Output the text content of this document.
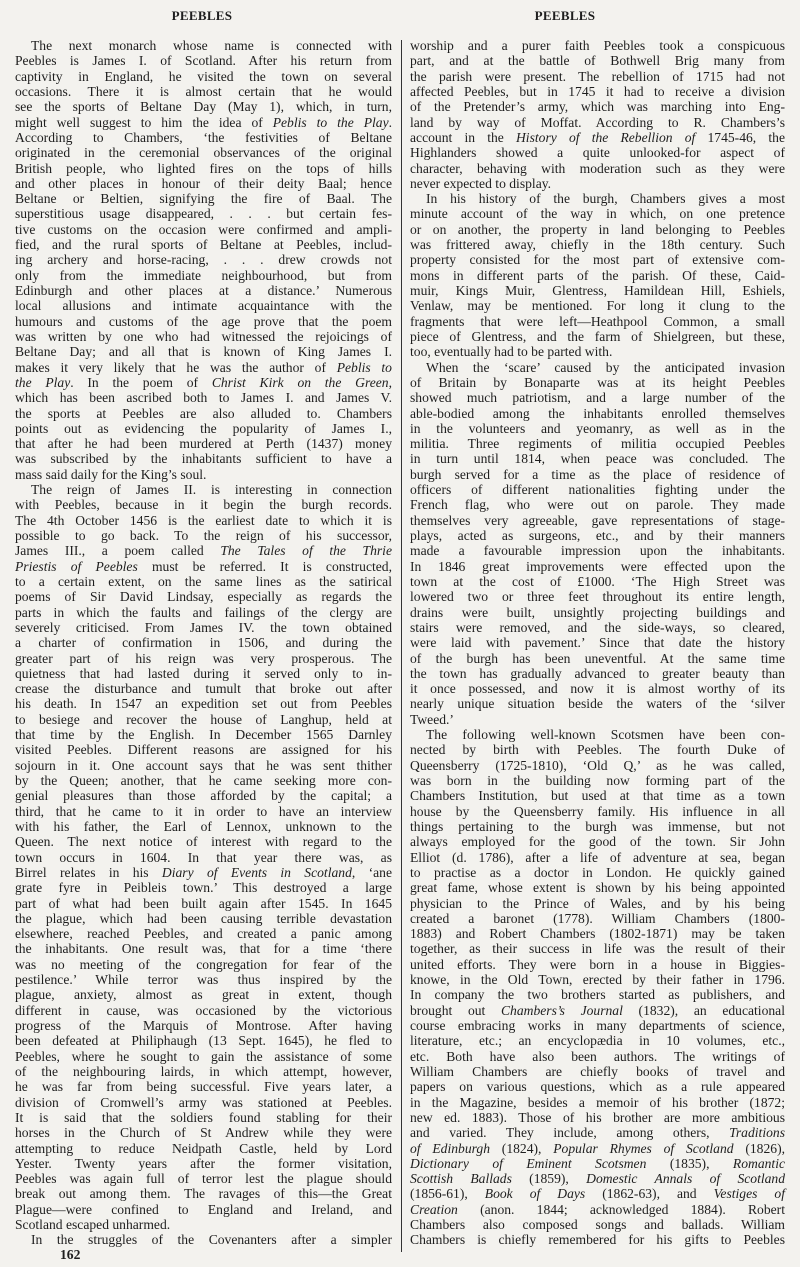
PEEBLES	PEEBLES
The next monarch whose name is connected with
Peebles is James I. of Scotland. After his return from
captivity in England, he visited the town on several
occasions. There it is almost certain that he would
see the sports of Beltane Day (May 1), which, in turn,
might well suggest to him the idea of Peblis to the Play.
According to Chambers, ‘the festivities of Beltane
originated in the ceremonial observances of the original
British people, who lighted fires on the tops of hills
and other places in honour of their deity Baal; hence
Beltane or Beltien, signifying the fire of Baal. The
superstitious usage disappeared, . . . but certain fes-
tive customs on the occasion were confirmed and ampli-
fied, and the rural sports of Beltane at Peebles, includ-
ing archery and horse-racing, . . . drew crowds not
only from the immediate neighbourhood, but from
Edinburgh and other places at a distance.’ Numerous
local allusions and intimate acquaintance with the
humours and customs of the age prove that the poem
was written by one who had witnessed the rejoicings of
Beltane Day; and all that is known of King James I.
makes it very likely that he was the author of Peblis to
the Play. In the poem of Christ Kirk on the Green,
which has been ascribed both to James I. and James V.
the sports at Peebles are also alluded to. Chambers
points out as evidencing the popularity of James I.,
that after he had been murdered at Perth (1437) money
was subscribed by the inhabitants sufficient to have a
mass said daily for the King’s soul.
The reign of James II. is interesting in connection
with Peebles, because in it begin the burgh records.
The 4th October 1456 is the earliest date to which it is
possible to go back. To the reign of his successor,
James III., a poem called The Tales of the Thrie
Priestis of Peebles must be referred. It is constructed,
to a certain extent, on the same lines as the satirical
poems of Sir David Lindsay, especially as regards the
parts in which the faults and failings of the clergy are
severely criticised. From James IV. the town obtained
a charter of confirmation in 1506, and during the
greater part of his reign was very prosperous. The
quietness that had lasted during it served only to in-
crease the disturbance and tumult that broke out after
his death. In 1547 an expedition set out from Peebles
to besiege and recover the house of Langhup, held at
that time by the English. In December 1565 Darnley
visited Peebles. Different reasons are assigned for his
sojourn in it. One account says that he was sent thither
by the Queen; another, that he came seeking more con-
genial pleasures than those afforded by the capital; a
third, that he came to it in order to have an interview
with his father, the Earl of Lennox, unknown to the
Queen. The next notice of interest with regard to the
town occurs in 1604. In that year there was, as
Birrel relates in his Diary of Events in Scotland, ‘ane
grate fyre in Peibleis town.’ This destroyed a large
part of what had been built again after 1545. In 1645
the plague, which had been causing terrible devastation
elsewhere, reached Peebles, and created a panic among
the inhabitants. One result was, that for a time ‘there
was no meeting of the congregation for fear of the
pestilence.’ While terror was thus inspired by the
plague, anxiety, almost as great in extent, though
different in cause, was occasioned by the victorious
progress of the Marquis of Montrose. After having
been defeated at Philiphaugh (13 Sept. 1645), he fled to
Peebles, where he sought to gain the assistance of some
of the neighbouring lairds, in which attempt, however,
he was far from being successful. Five years later, a
division of Cromwell’s army was stationed at Peebles.
It is said that the soldiers found stabling for their
horses in the Church of St Andrew while they were
attempting to reduce Neidpath Castle, held by Lord
Yester. Twenty years after the former visitation,
Peebles was again full of terror lest the plague should
break out among them. The ravages of this—the Great
Plague—were confined to England and Ireland, and
Scotland escaped unharmed.
In the struggles of the Covenanters after a simpler
worship and a purer faith Peebles took a conspicuous
part, and at the battle of Bothwell Brig many from
the parish were present. The rebellion of 1715 had not
affected Peebles, but in 1745 it had to receive a division
of the Pretender’s army, which was marching into Eng-
land by way of Moffat. According to R. Chambers’s
account in the History of the Rebellion of 1745-46, the
Highlanders showed a quite unlooked-for aspect of
character, behaving with moderation such as they were
never expected to display.
In his history of the burgh, Chambers gives a most
minute account of the way in which, on one pretence
or on another, the property in land belonging to Peebles
was frittered away, chiefly in the 18th century. Such
property consisted for the most part of extensive com-
mons in different parts of the parish. Of these, Caid-
muir, Kings Muir, Glentress, Hamildean Hill, Eshiels,
Venlaw, may be mentioned. For long it clung to the
fragments that were left—Heathpool Common, a small
piece of Glentress, and the farm of Shielgreen, but these,
too, eventually had to be parted with.
When the ‘scare’ caused by the anticipated invasion
of Britain by Bonaparte was at its height Peebles
showed much patriotism, and a large number of the
able-bodied among the inhabitants enrolled themselves
in the volunteers and yeomanry, as well as in the
militia. Three regiments of militia occupied Peebles
in turn until 1814, when peace was concluded. The
burgh served for a time as the place of residence of
officers of different nationalities fighting under the
French flag, who were out on parole. They made
themselves very agreeable, gave representations of stage-
plays, acted as surgeons, etc., and by their manners
made a favourable impression upon the inhabitants.
In 1846 great improvements were effected upon the
town at the cost of £1000. ‘The High Street was
lowered two or three feet throughout its entire length,
drains were built, unsightly projecting buildings and
stairs were removed, and the side-ways, so cleared,
were laid with pavement.’ Since that date the history
of the burgh has been uneventful. At the same time
the town has gradually advanced to greater beauty than
it once possessed, and now it is almost worthy of its
nearly unique situation beside the waters of the ‘silver
Tweed.’
The following well-known Scotsmen have been con-
nected by birth with Peebles. The fourth Duke of
Queensberry (1725-1810), ‘Old Q,’ as he was called,
was born in the building now forming part of the
Chambers Institution, but used at that time as a town
house by the Queensberry family. His influence in all
things pertaining to the burgh was immense, but not
always employed for the good of the town. Sir John
Elliot (d. 1786), after a life of adventure at sea, began
to practise as a doctor in London. He quickly gained
great fame, whose extent is shown by his being appointed
physician to the Prince of Wales, and by his being
created a baronet (1778). William Chambers (1800-
1883) and Robert Chambers (1802-1871) may be taken
together, as their success in life was the result of their
united efforts. They were born in a house in Biggies-
knowe, in the Old Town, erected by their father in 1796.
In company the two brothers started as publishers, and
brought out Chambers’s Journal (1832), an educational
course embracing works in many departments of science,
literature, etc.; an encyclopædia in 10 volumes, etc.,
etc. Both have also been authors. The writings of
William Chambers are chiefly books of travel and
papers on various questions, which as a rule appeared
in the Magazine, besides a memoir of his brother (1872;
new ed. 1883). Those of his brother are more ambitious
and varied. They include, among others, Traditions
of Edinburgh (1824), Popular Rhymes of Scotland (1826),
Dictionary of Eminent Scotsmen (1835), Romantic
Scottish Ballads (1859), Domestic Annals of Scotland
(1856-61), Book of Days (1862-63), and Vestiges of
Creation (anon. 1844; acknowledged 1884). Robert
Chambers also composed songs and ballads. William
Chambers is chiefly remembered for his gifts to Peebles
162
